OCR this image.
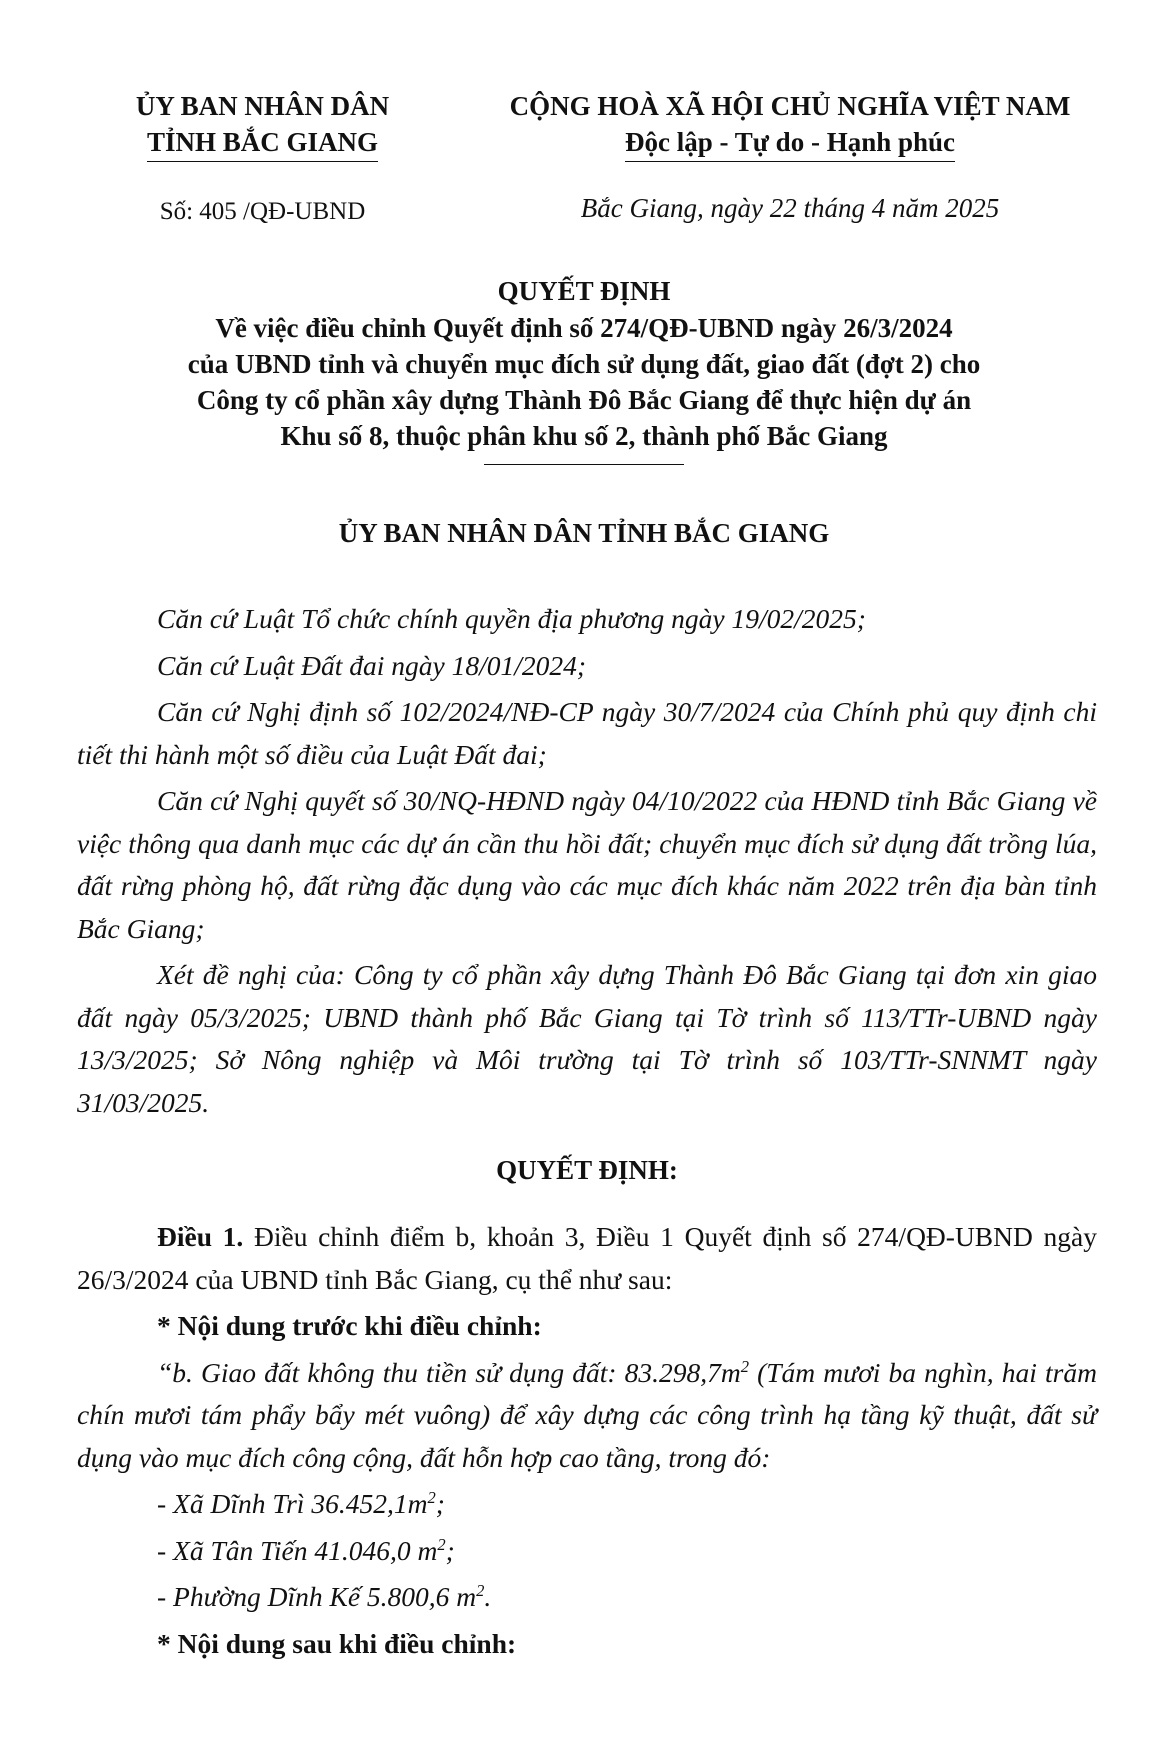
ỦY BAN NHÂN DÂN
TỈNH BẮC GIANG
Số: 405 /QĐ-UBND
CỘNG HOÀ XÃ HỘI CHỦ NGHĨA VIỆT NAM
Độc lập - Tự do - Hạnh phúc
Bắc Giang, ngày 22 tháng 4 năm 2025
QUYẾT ĐỊNH
Về việc điều chỉnh Quyết định số 274/QĐ-UBND ngày 26/3/2024
của UBND tỉnh và chuyển mục đích sử dụng đất, giao đất (đợt 2) cho
Công ty cổ phần xây dựng Thành Đô Bắc Giang để thực hiện dự án
Khu số 8, thuộc phân khu số 2, thành phố Bắc Giang
ỦY BAN NHÂN DÂN TỈNH BẮC GIANG

Căn cứ Luật Tổ chức chính quyền địa phương ngày 19/02/2025;

Căn cứ Luật Đất đai ngày 18/01/2024;

Căn cứ Nghị định số 102/2024/NĐ-CP ngày 30/7/2024 của Chính phủ quy định chi tiết thi hành một số điều của Luật Đất đai;

Căn cứ Nghị quyết số 30/NQ-HĐND ngày 04/10/2022 của HĐND tỉnh Bắc Giang về việc thông qua danh mục các dự án cần thu hồi đất; chuyển mục đích sử dụng đất trồng lúa, đất rừng phòng hộ, đất rừng đặc dụng vào các mục đích khác năm 2022 trên địa bàn tỉnh Bắc Giang;

Xét đề nghị của: Công ty cổ phần xây dựng Thành Đô Bắc Giang tại đơn xin giao đất ngày 05/3/2025; UBND thành phố Bắc Giang tại Tờ trình số 113/TTr-UBND ngày 13/3/2025; Sở Nông nghiệp và Môi trường tại Tờ trình số 103/TTr-SNNMT ngày 31/03/2025.

QUYẾT ĐỊNH:

Điều 1. Điều chỉnh điểm b, khoản 3, Điều 1 Quyết định số 274/QĐ-UBND ngày 26/3/2024 của UBND tỉnh Bắc Giang, cụ thể như sau:

* Nội dung trước khi điều chỉnh:

“b. Giao đất không thu tiền sử dụng đất: $83.298,7m^2$ (Tám mươi ba nghìn, hai trăm chín mươi tám phẩy bẩy mét vuông) để xây dựng các công trình hạ tầng kỹ thuật, đất sử dụng vào mục đích công cộng, đất hỗn hợp cao tầng, trong đó:

- Xã Dĩnh Trì $36.452,1m^2$;

- Xã Tân Tiến 41.046,0 $m^2$;

- Phường Dĩnh Kế 5.800,6 $m^2$.

* Nội dung sau khi điều chỉnh:
